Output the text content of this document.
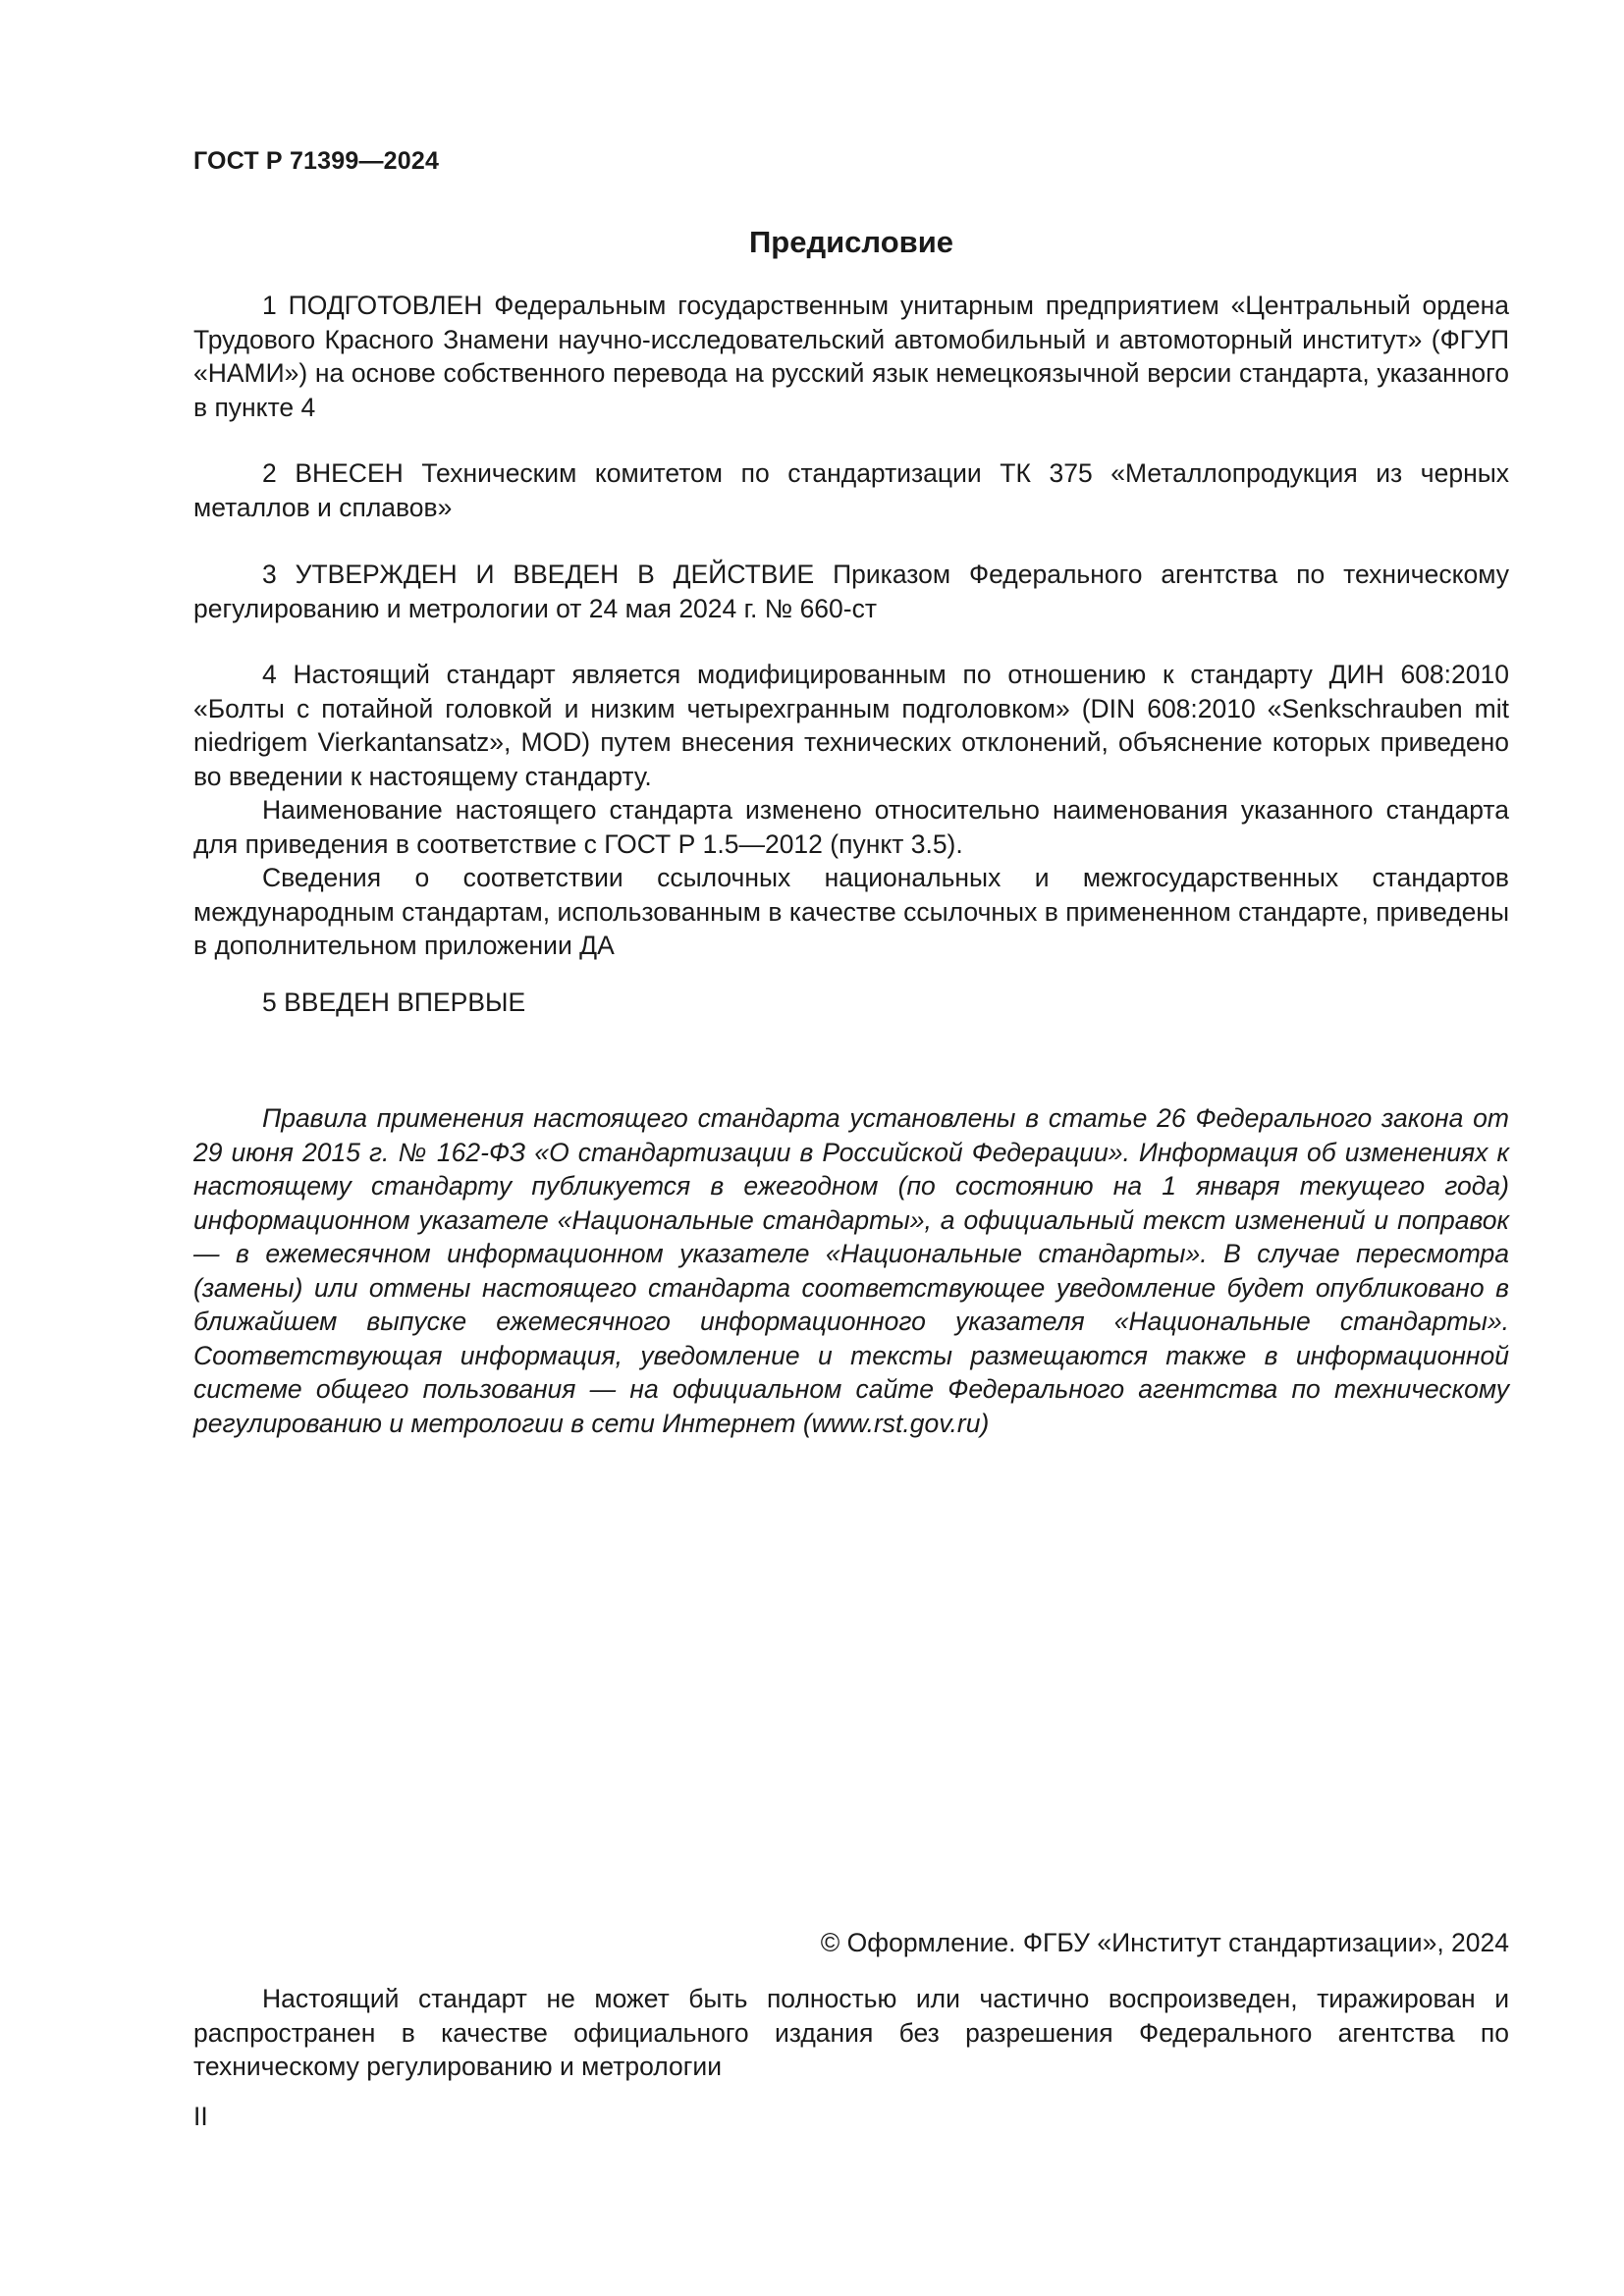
ГОСТ Р 71399—2024
Предисловие

1 ПОДГОТОВЛЕН Федеральным государственным унитарным предприятием «Центральный ордена Трудового Красного Знамени научно-исследовательский автомобильный и автомоторный институт» (ФГУП «НАМИ») на основе собственного перевода на русский язык немецкоязычной версии стандарта, указанного в пункте 4

2 ВНЕСЕН Техническим комитетом по стандартизации ТК 375 «Металлопродукция из черных металлов и сплавов»

3 УТВЕРЖДЕН И ВВЕДЕН В ДЕЙСТВИЕ Приказом Федерального агентства по техническому регулированию и метрологии от 24 мая 2024 г. № 660-ст

4 Настоящий стандарт является модифицированным по отношению к стандарту ДИН 608:2010 «Болты с потайной головкой и низким четырехгранным подголовком» (DIN 608:2010 «Senkschrauben mit niedrigem Vierkantansatz», MOD) путем внесения технических отклонений, объяснение которых приведено во введении к настоящему стандарту.

Наименование настоящего стандарта изменено относительно наименования указанного стандарта для приведения в соответствие с ГОСТ Р 1.5—2012 (пункт 3.5).

Сведения о соответствии ссылочных национальных и межгосударственных стандартов международным стандартам, использованным в качестве ссылочных в примененном стандарте, приведены в дополнительном приложении ДА

5 ВВЕДЕН ВПЕРВЫЕ

Правила применения настоящего стандарта установлены в статье 26 Федерального закона от 29 июня 2015 г. № 162-ФЗ «О стандартизации в Российской Федерации». Информация об изменениях к настоящему стандарту публикуется в ежегодном (по состоянию на 1 января текущего года) информационном указателе «Национальные стандарты», а официальный текст изменений и поправок — в ежемесячном информационном указателе «Национальные стандарты». В случае пересмотра (замены) или отмены настоящего стандарта соответствующее уведомление будет опубликовано в ближайшем выпуске ежемесячного информационного указателя «Национальные стандарты». Соответствующая информация, уведомление и тексты размещаются также в информационной системе общего пользования — на официальном сайте Федерального агентства по техническому регулированию и метрологии в сети Интернет (www.rst.gov.ru)

© Оформление. ФГБУ «Институт стандартизации», 2024

Настоящий стандарт не может быть полностью или частично воспроизведен, тиражирован и распространен в качестве официального издания без разрешения Федерального агентства по техническому регулированию и метрологии

II
